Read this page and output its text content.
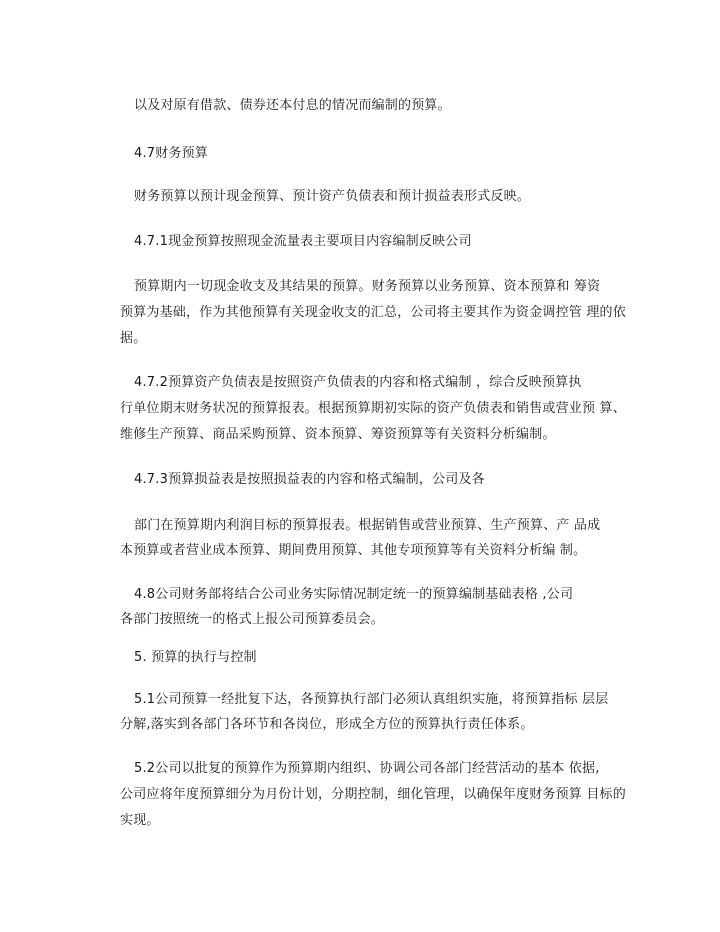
以及对原有借款、债券还本付息的情况而编制的预算。
4.7财务预算
财务预算以预计现金预算、预计资产负债表和预计损益表形式反映。
4.7.1现金预算按照现金流量表主要项目内容编制反映公司
预算期内一切现金收支及其结果的预算。财务预算以业务预算、资本预算和 筹资
预算为基础，作为其他预算有关现金收支的汇总，公司将主要其作为资金调控管 理的依
据。
4.7.2预算资产负债表是按照资产负债表的内容和格式编制 ，综合反映预算执
行单位期末财务状况的预算报表。根据预算期初实际的资产负债表和销售或营业预 算、
维修生产预算、商品采购预算、资本预算、筹资预算等有关资料分析编制。
4.7.3预算损益表是按照损益表的内容和格式编制，公司及各
部门在预算期内利润目标的预算报表。根据销售或营业预算、生产预算、产 品成
本预算或者营业成本预算、期间费用预算、其他专项预算等有关资料分析编 制。
4.8公司财务部将结合公司业务实际情况制定统一的预算编制基础表格 ,公司
各部门按照统一的格式上报公司预算委员会。
5. 预算的执行与控制
5.1公司预算一经批复下达，各预算执行部门必须认真组织实施，将预算指标 层层
分解,落实到各部门各环节和各岗位，形成全方位的预算执行责任体系。
5.2公司以批复的预算作为预算期内组织、协调公司各部门经营活动的基本 依据,
公司应将年度预算细分为月份计划，分期控制，细化管理，以确保年度财务预算 目标的
实现。
